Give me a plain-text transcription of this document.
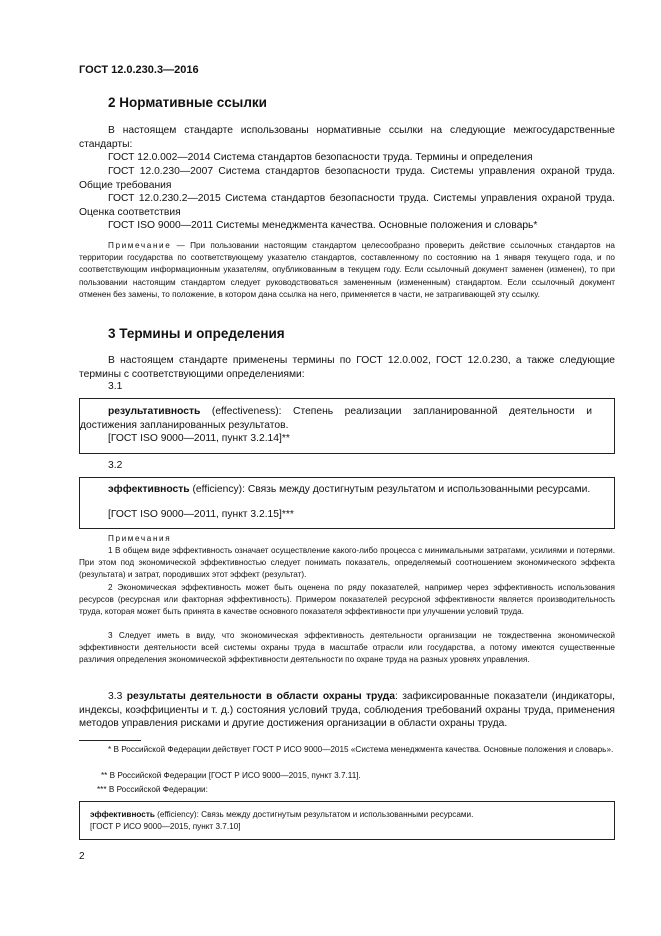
ГОСТ 12.0.230.3—2016
2 Нормативные ссылки
В настоящем стандарте использованы нормативные ссылки на следующие межгосударственные стандарты:
ГОСТ 12.0.002—2014 Система стандартов безопасности труда. Термины и определения
ГОСТ 12.0.230—2007 Система стандартов безопасности труда. Системы управления охраной труда. Общие требования
ГОСТ 12.0.230.2—2015 Система стандартов безопасности труда. Системы управления охраной труда. Оценка соответствия
ГОСТ ISO 9000—2011 Системы менеджмента качества. Основные положения и словарь*
Примечание — При пользовании настоящим стандартом целесообразно проверить действие ссылочных стандартов на территории государства по соответствующему указателю стандартов, составленному по состоянию на 1 января текущего года, и по соответствующим информационным указателям, опубликованным в текущем году. Если ссылочный документ заменен (изменен), то при пользовании настоящим стандартом следует руководствоваться замененным (измененным) стандартом. Если ссылочный документ отменен без замены, то положение, в котором дана ссылка на него, применяется в части, не затрагивающей эту ссылку.
3 Термины и определения
В настоящем стандарте применены термины по ГОСТ 12.0.002, ГОСТ 12.0.230, а также следующие термины с соответствующими определениями:
3.1
результативность (effectiveness): Степень реализации запланированной деятельности и достижения запланированных результатов.
[ГОСТ ISO 9000—2011, пункт 3.2.14]**
3.2
эффективность (efficiency): Связь между достигнутым результатом и использованными ресурсами.
[ГОСТ ISO 9000—2011, пункт 3.2.15]***
Примечания
1 В общем виде эффективность означает осуществление какого-либо процесса с минимальными затратами, усилиями и потерями. При этом под экономической эффективностью следует понимать показатель, определяемый соотношением экономического эффекта (результата) и затрат, породивших этот эффект (результат).
2 Экономическая эффективность может быть оценена по ряду показателей, например через эффективность использования ресурсов (ресурсная или факторная эффективность). Примером показателей ресурсной эффективности является производительность труда, которая может быть принята в качестве основного показателя эффективности при улучшении условий труда.
3 Следует иметь в виду, что экономическая эффективность деятельности организации не тождественна экономической эффективности деятельности всей системы охраны труда в масштабе отрасли или государства, а потому имеются существенные различия определения экономической эффективности деятельности по охране труда на разных уровнях управления.
3.3 результаты деятельности в области охраны труда: зафиксированные показатели (индикаторы, индексы, коэффициенты и т. д.) состояния условий труда, соблюдения требований охраны труда, применения методов управления рисками и другие достижения организации в области охраны труда.
* В Российской Федерации действует ГОСТ Р ИСО 9000—2015 «Система менеджмента качества. Основные положения и словарь».
** В Российской Федерации [ГОСТ Р ИСО 9000—2015, пункт 3.7.11].
*** В Российской Федерации:
эффективность (efficiency): Связь между достигнутым результатом и использованными ресурсами.
[ГОСТ Р ИСО 9000—2015, пункт 3.7.10]
2
